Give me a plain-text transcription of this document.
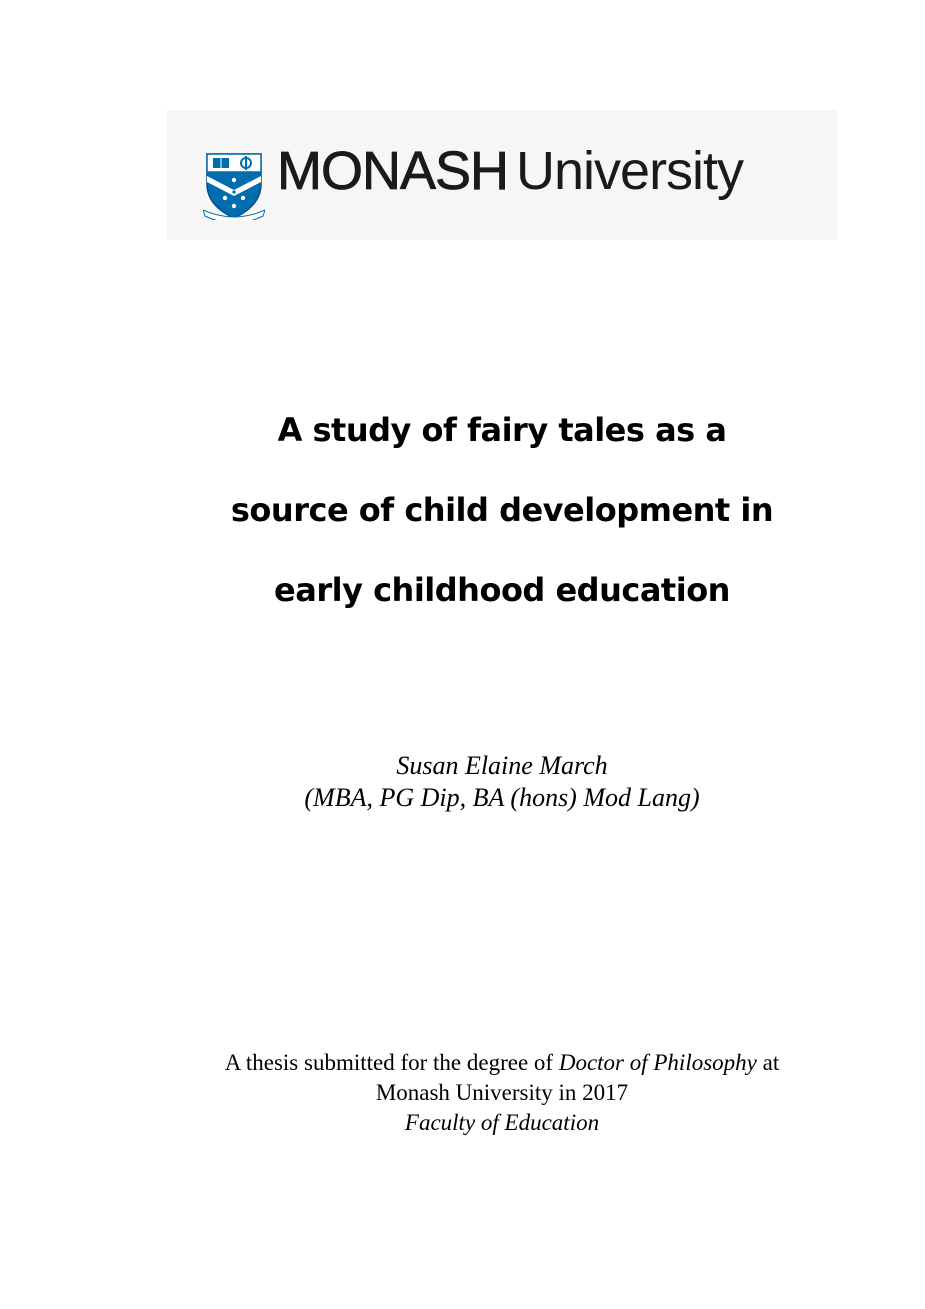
MONASH University
A study of fairy tales as a
source of child development in
early childhood education
Susan Elaine March
(MBA, PG Dip, BA (hons) Mod Lang)
A thesis submitted for the degree of Doctor of Philosophy at
Monash University in 2017
Faculty of Education
